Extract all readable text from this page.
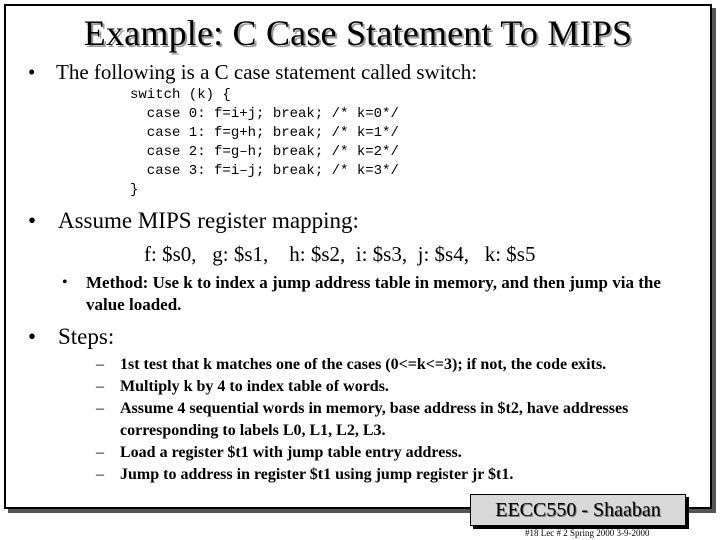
Example: C Case Statement To MIPS
• The following is a C case statement called switch:
switch (k) {
case 0: f=i+j; break; /* k=0*/
case 1: f=g+h; break; /* k=1*/
case 2: f=g–h; break; /* k=2*/
case 3: f=i–j; break; /* k=3*/
}
• Assume MIPS register mapping:
f: $s0,   g: $s1,    h: $s2,  i: $s3,  j: $s4,   k: $s5
• Method: Use k to index a jump address table in memory, and then jump via the value loaded.
• Steps:
– 1st test that k matches one of the cases (0<=k<=3); if not, the code exits.
– Multiply k by 4 to index table of words.
– Assume 4 sequential words in memory, base address in $t2, have addresses corresponding to labels L0, L1, L2, L3.
– Load a register $t1 with jump table entry address.
– Jump to address in register $t1 using jump register jr $t1.
EECC550 - Shaaban
#18 Lec # 2 Spring 2000 3-9-2000
